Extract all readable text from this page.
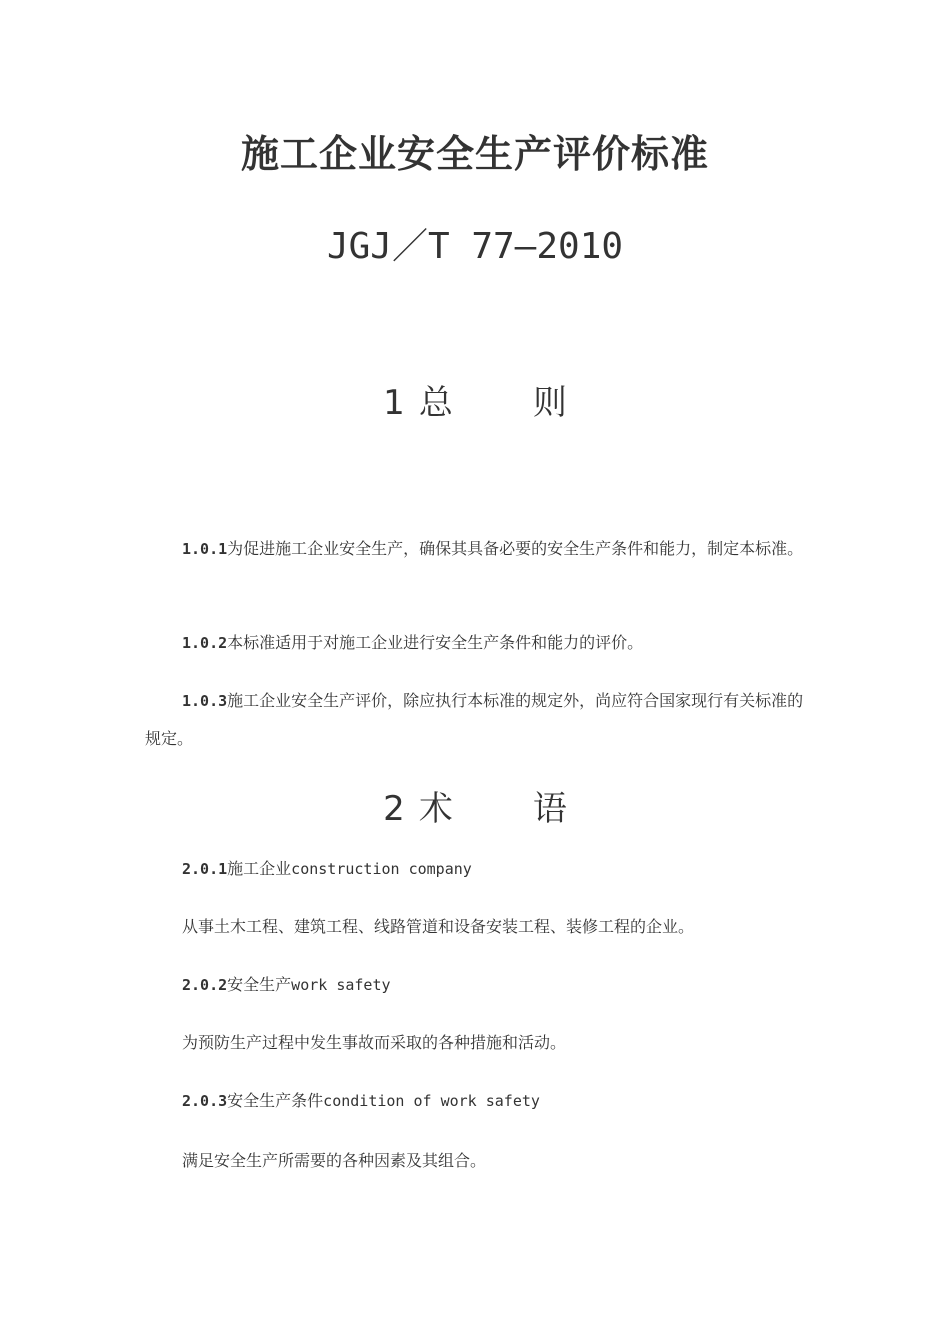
施工企业安全生产评价标准
JGJ／T 77—2010
1 总 则

1.0.1为促进施工企业安全生产，确保其具备必要的安全生产条件和能力，制定本标准。

1.0.2本标准适用于对施工企业进行安全生产条件和能力的评价。

1.0.3施工企业安全生产评价，除应执行本标准的规定外，尚应符合国家现行有关标准的规定。

2 术 语

2.0.1施工企业construction company

从事土木工程、建筑工程、线路管道和设备安装工程、装修工程的企业。

2.0.2安全生产work safety

为预防生产过程中发生事故而采取的各种措施和活动。

2.0.3安全生产条件condition of work safety

满足安全生产所需要的各种因素及其组合。
